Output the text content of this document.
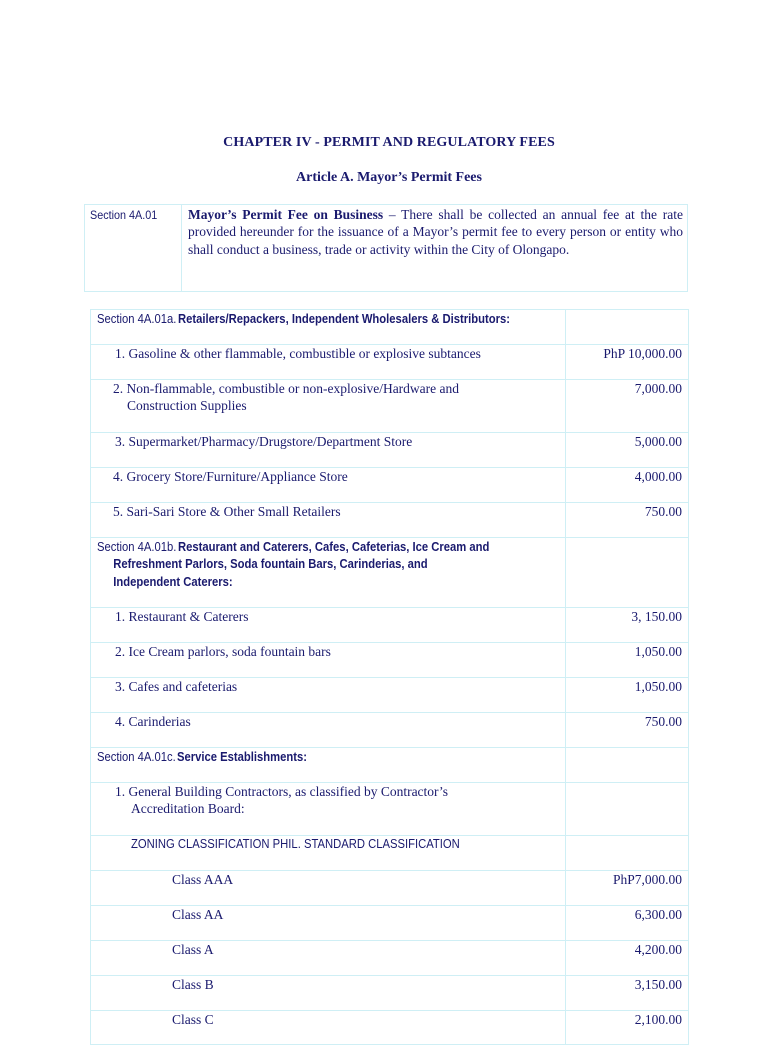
CHAPTER IV - PERMIT AND REGULATORY FEES
Article A. Mayor’s Permit Fees
Section 4A.01 Mayor’s Permit Fee on Business – There shall be collected an annual fee at the rate provided hereunder for the issuance of a Mayor’s permit fee to every person or entity who shall conduct a business, trade or activity within the City of Olongapo.
Section 4A.01a. Retailers/Repackers, Independent Wholesalers & Distributors:
1. Gasoline & other flammable, combustible or explosive subtances	PhP 10,000.00
2. Non-flammable, combustible or non-explosive/Hardware and
Construction Supplies
7,000.00
3. Supermarket/Pharmacy/Drugstore/Department Store	5,000.00
4. Grocery Store/Furniture/Appliance Store	4,000.00
5. Sari-Sari Store & Other Small Retailers	750.00
Section 4A.01b. Restaurant and Caterers, Cafes, Cafeterias, Ice Cream and
Refreshment Parlors, Soda fountain Bars, Carinderias, and
Independent Caterers:
1. Restaurant & Caterers	3, 150.00
2. Ice Cream parlors, soda fountain bars	1,050.00
3. Cafes and cafeterias	1,050.00
4. Carinderias	750.00
Section 4A.01c. Service Establishments:
1. General Building Contractors, as classified by Contractor’s
Accreditation Board:
ZONING CLASSIFICATION PHIL. STANDARD CLASSIFICATION
Class AAA	PhP7,000.00
Class AA	6,300.00
Class A	4,200.00
Class B	3,150.00
Class C	2,100.00
